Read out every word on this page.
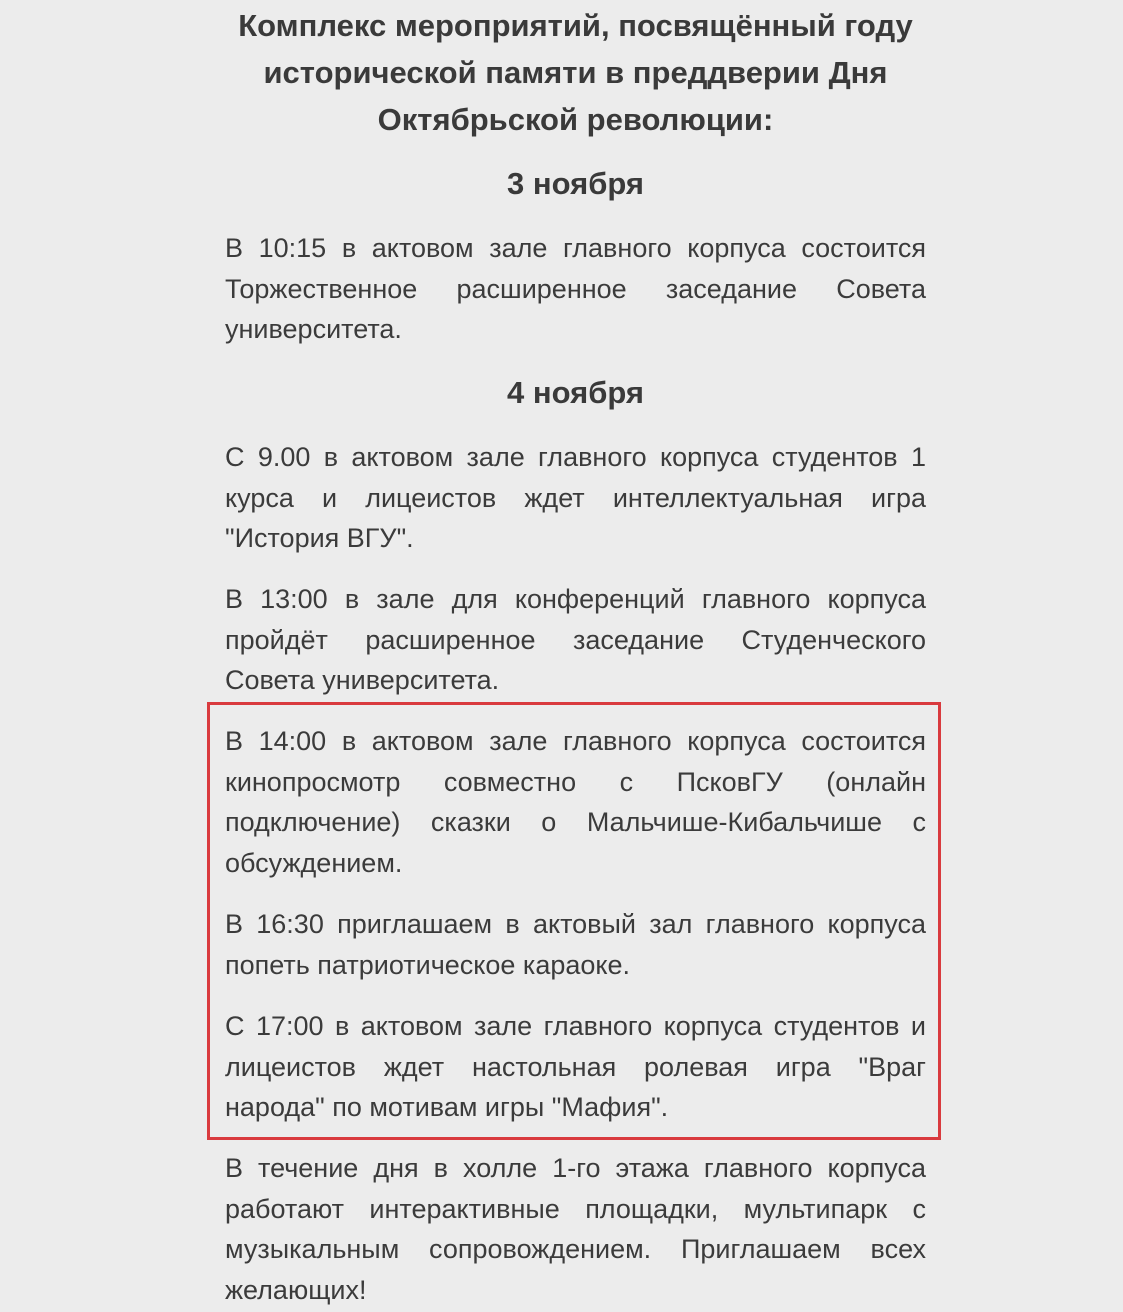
Комплекс мероприятий, посвящённый году исторической памяти в преддверии Дня Октябрьской революции:
3 ноября

В 10:15 в актовом зале главного корпуса состоится Торжественное расширенное заседание Совета университета.

4 ноября

С 9.00 в актовом зале главного корпуса студентов 1 курса и лицеистов ждет интеллектуальная игра "История ВГУ".

В 13:00 в зале для конференций главного корпуса пройдёт расширенное заседание Студенческого Совета университета.

В 14:00 в актовом зале главного корпуса состоится кинопросмотр совместно с ПсковГУ (онлайн подключение) сказки о Мальчише-Кибальчише с обсуждением.

В 16:30 приглашаем в актовый зал главного корпуса попеть патриотическое караоке.

С 17:00 в актовом зале главного корпуса студентов и лицеистов ждет настольная ролевая игра "Враг народа" по мотивам игры "Мафия".

В течение дня в холле 1-го этажа главного корпуса работают интерактивные площадки, мультипарк с музыкальным сопровождением. Приглашаем всех желающих!
